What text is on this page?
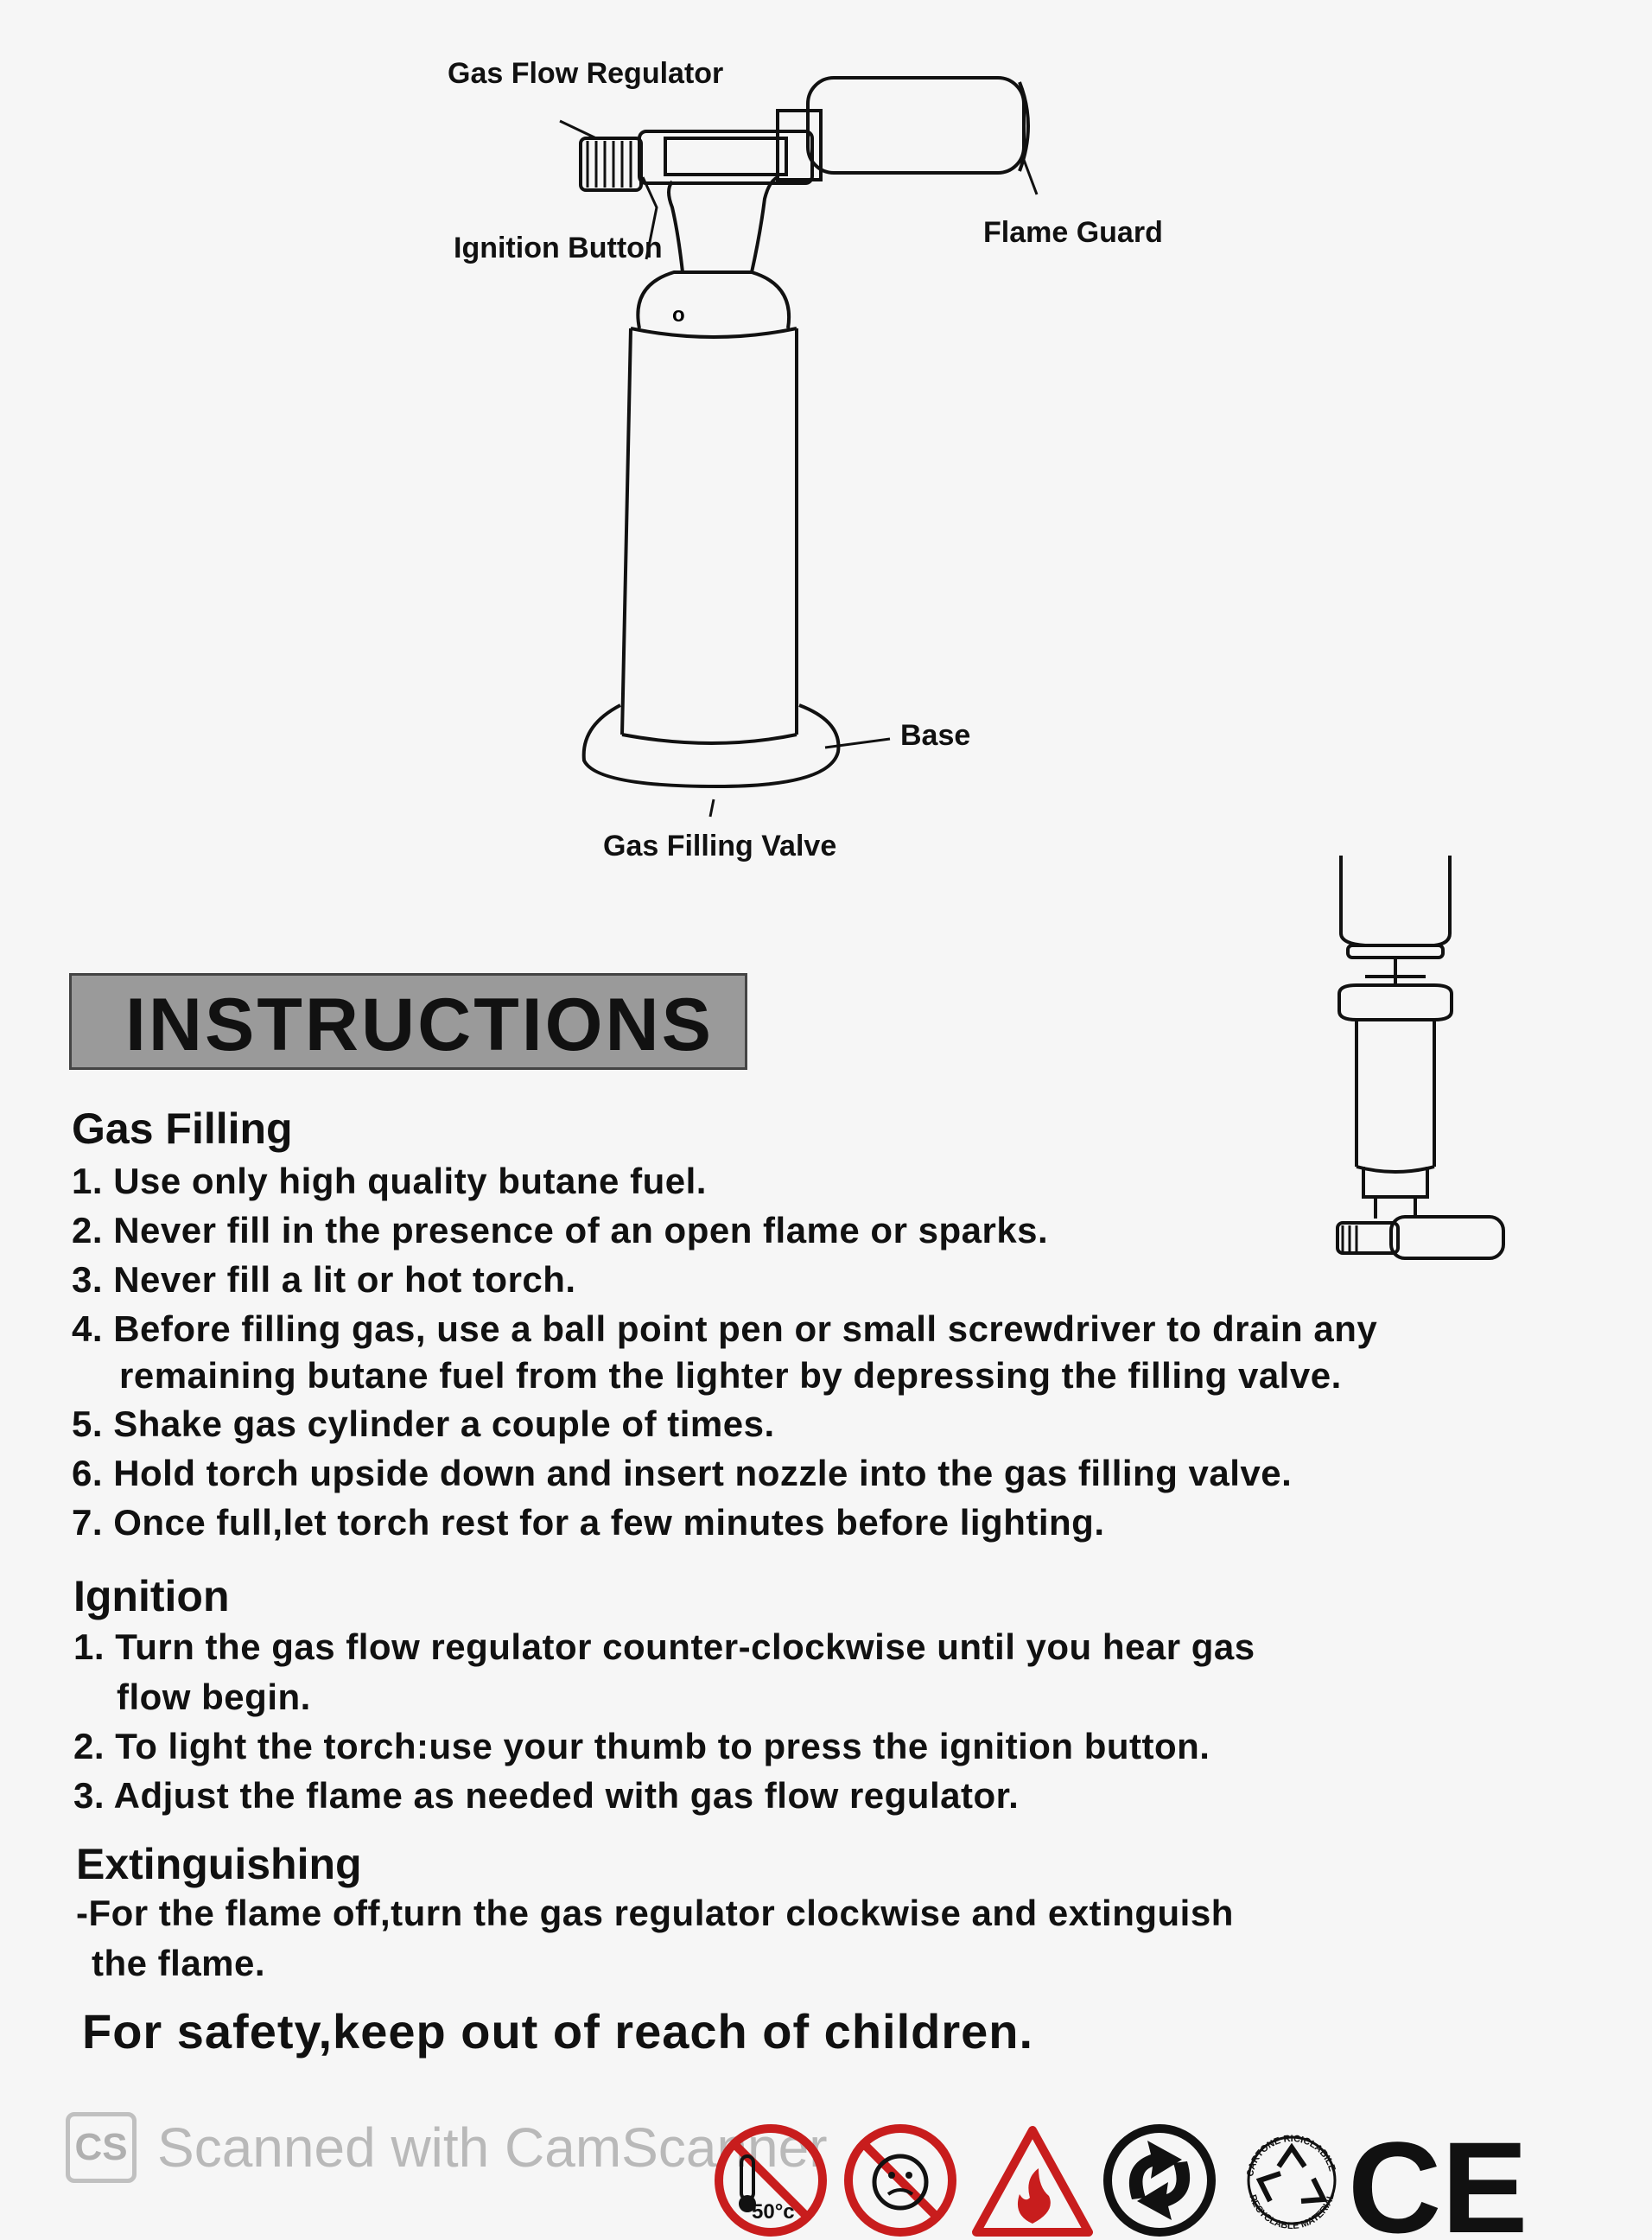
o
Gas Flow Regulator
Ignition Button	Flame Guard
Base
Gas Filling Valve
INSTRUCTIONS
Gas Filling
1. Use only high quality butane fuel.
2. Never fill in the presence of an open flame or sparks.
3. Never fill a lit or hot torch.
4. Before filling gas, use a ball point pen or small screwdriver to drain any
remaining butane fuel from the lighter by depressing the filling valve.
5. Shake gas cylinder a couple of times.
6. Hold torch upside down and insert nozzle into the gas filling valve.
7. Once full,let torch rest for a few minutes before lighting.
Ignition
1. Turn the gas flow regulator counter-clockwise until you hear gas
flow begin.
2. To light the torch:use your thumb to press the ignition button.
3. Adjust the flame as needed with gas flow regulator.
Extinguishing
-For the flame off,turn the gas regulator clockwise and extinguish
the flame.
For safety,keep out of reach of children.
CS Scanned with CamScanner
50°c
CARTONE RICICLABILE
RECYCLABLE MATERIAL CE
